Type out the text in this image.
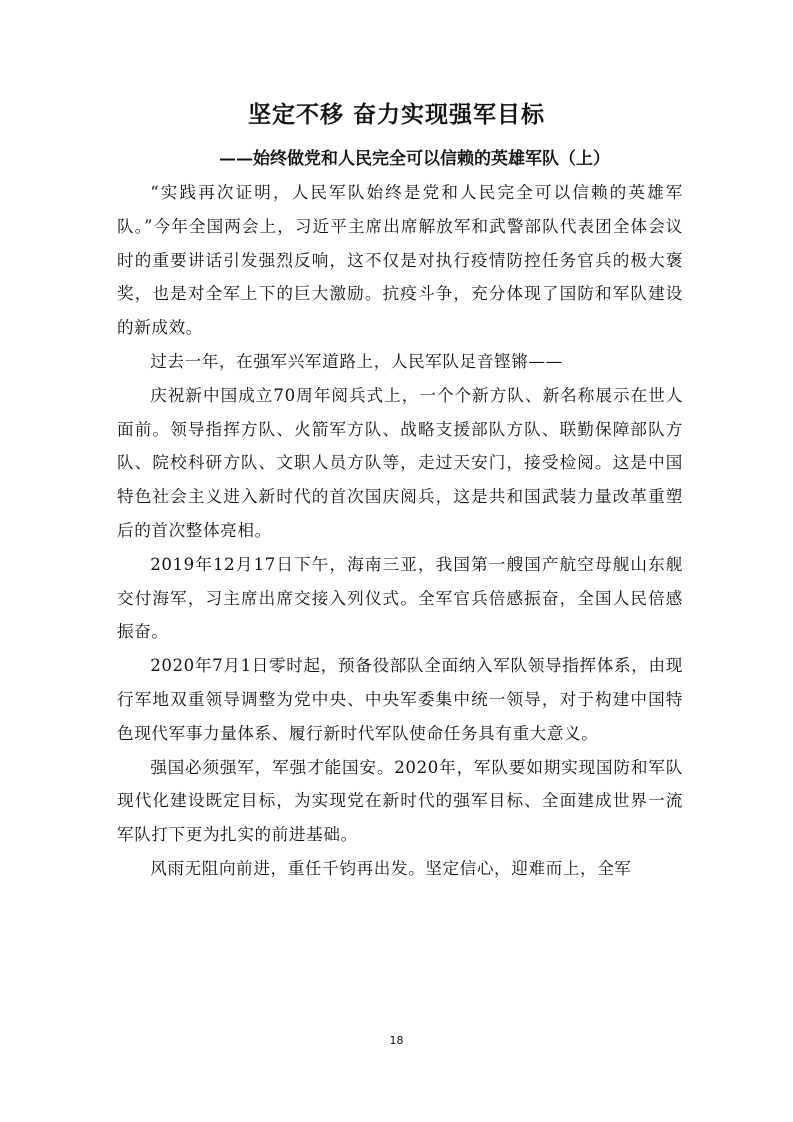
坚定不移 奋力实现强军目标
——始终做党和人民完全可以信赖的英雄军队（上）

“实践再次证明，人民军队始终是党和人民完全可以信赖的英雄军队。”今年全国两会上，习近平主席出席解放军和武警部队代表团全体会议时的重要讲话引发强烈反响，这不仅是对执行疫情防控任务官兵的极大褒奖，也是对全军上下的巨大激励。抗疫斗争，充分体现了国防和军队建设的新成效。

过去一年，在强军兴军道路上，人民军队足音铿锵——

庆祝新中国成立70周年阅兵式上，一个个新方队、新名称展示在世人面前。领导指挥方队、火箭军方队、战略支援部队方队、联勤保障部队方队、院校科研方队、文职人员方队等，走过天安门，接受检阅。这是中国特色社会主义进入新时代的首次国庆阅兵，这是共和国武装力量改革重塑后的首次整体亮相。

2019年12月17日下午，海南三亚，我国第一艘国产航空母舰山东舰交付海军，习主席出席交接入列仪式。全军官兵倍感振奋，全国人民倍感振奋。

2020年7月1日零时起，预备役部队全面纳入军队领导指挥体系，由现行军地双重领导调整为党中央、中央军委集中统一领导，对于构建中国特色现代军事力量体系、履行新时代军队使命任务具有重大意义。

强国必须强军，军强才能国安。2020年，军队要如期实现国防和军队现代化建设既定目标，为实现党在新时代的强军目标、全面建成世界一流军队打下更为扎实的前进基础。

风雨无阻向前进，重任千钧再出发。坚定信心，迎难而上，全军

18
